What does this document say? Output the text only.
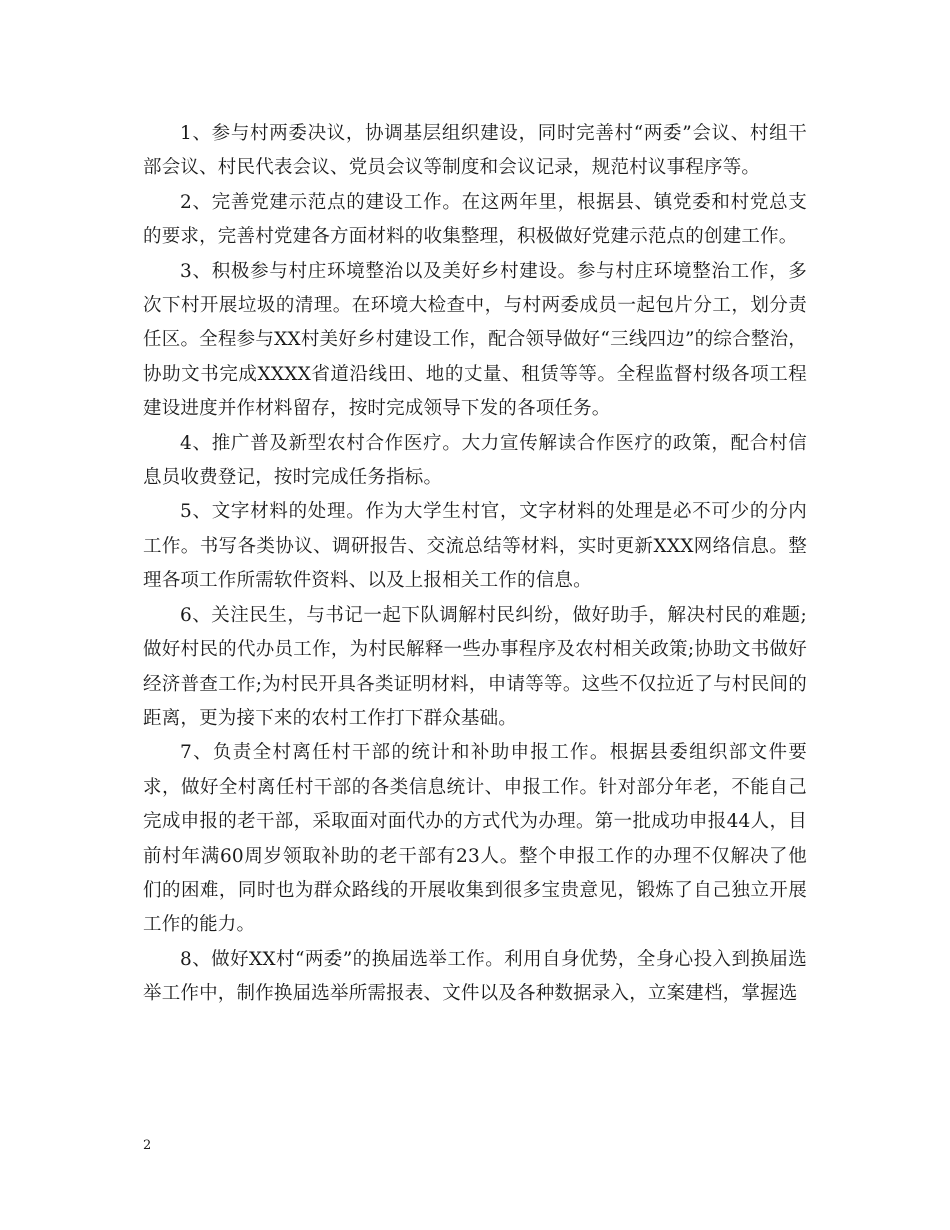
1、参与村两委决议，协调基层组织建设，同时完善村“两委”会议、村组干部会议、村民代表会议、党员会议等制度和会议记录，规范村议事程序等。

2、完善党建示范点的建设工作。在这两年里，根据县、镇党委和村党总支的要求，完善村党建各方面材料的收集整理，积极做好党建示范点的创建工作。

3、积极参与村庄环境整治以及美好乡村建设。参与村庄环境整治工作，多次下村开展垃圾的清理。在环境大检查中，与村两委成员一起包片分工，划分责任区。全程参与XX村美好乡村建设工作，配合领导做好“三线四边”的综合整治，协助文书完成XXXX省道沿线田、地的丈量、租赁等等。全程监督村级各项工程建设进度并作材料留存，按时完成领导下发的各项任务。

4、推广普及新型农村合作医疗。大力宣传解读合作医疗的政策，配合村信息员收费登记，按时完成任务指标。

5、文字材料的处理。作为大学生村官，文字材料的处理是必不可少的分内工作。书写各类协议、调研报告、交流总结等材料，实时更新XXX网络信息。整理各项工作所需软件资料、以及上报相关工作的信息。

6、关注民生，与书记一起下队调解村民纠纷，做好助手，解决村民的难题;做好村民的代办员工作，为村民解释一些办事程序及农村相关政策;协助文书做好经济普查工作;为村民开具各类证明材料，申请等等。这些不仅拉近了与村民间的距离，更为接下来的农村工作打下群众基础。

7、负责全村离任村干部的统计和补助申报工作。根据县委组织部文件要求，做好全村离任村干部的各类信息统计、申报工作。针对部分年老，不能自己完成申报的老干部，采取面对面代办的方式代为办理。第一批成功申报44人，目前村年满60周岁领取补助的老干部有23人。整个申报工作的办理不仅解决了他们的困难，同时也为群众路线的开展收集到很多宝贵意见，锻炼了自己独立开展工作的能力。

8、做好XX村“两委”的换届选举工作。利用自身优势，全身心投入到换届选举工作中，制作换届选举所需报表、文件以及各种数据录入，立案建档，掌握选

2
